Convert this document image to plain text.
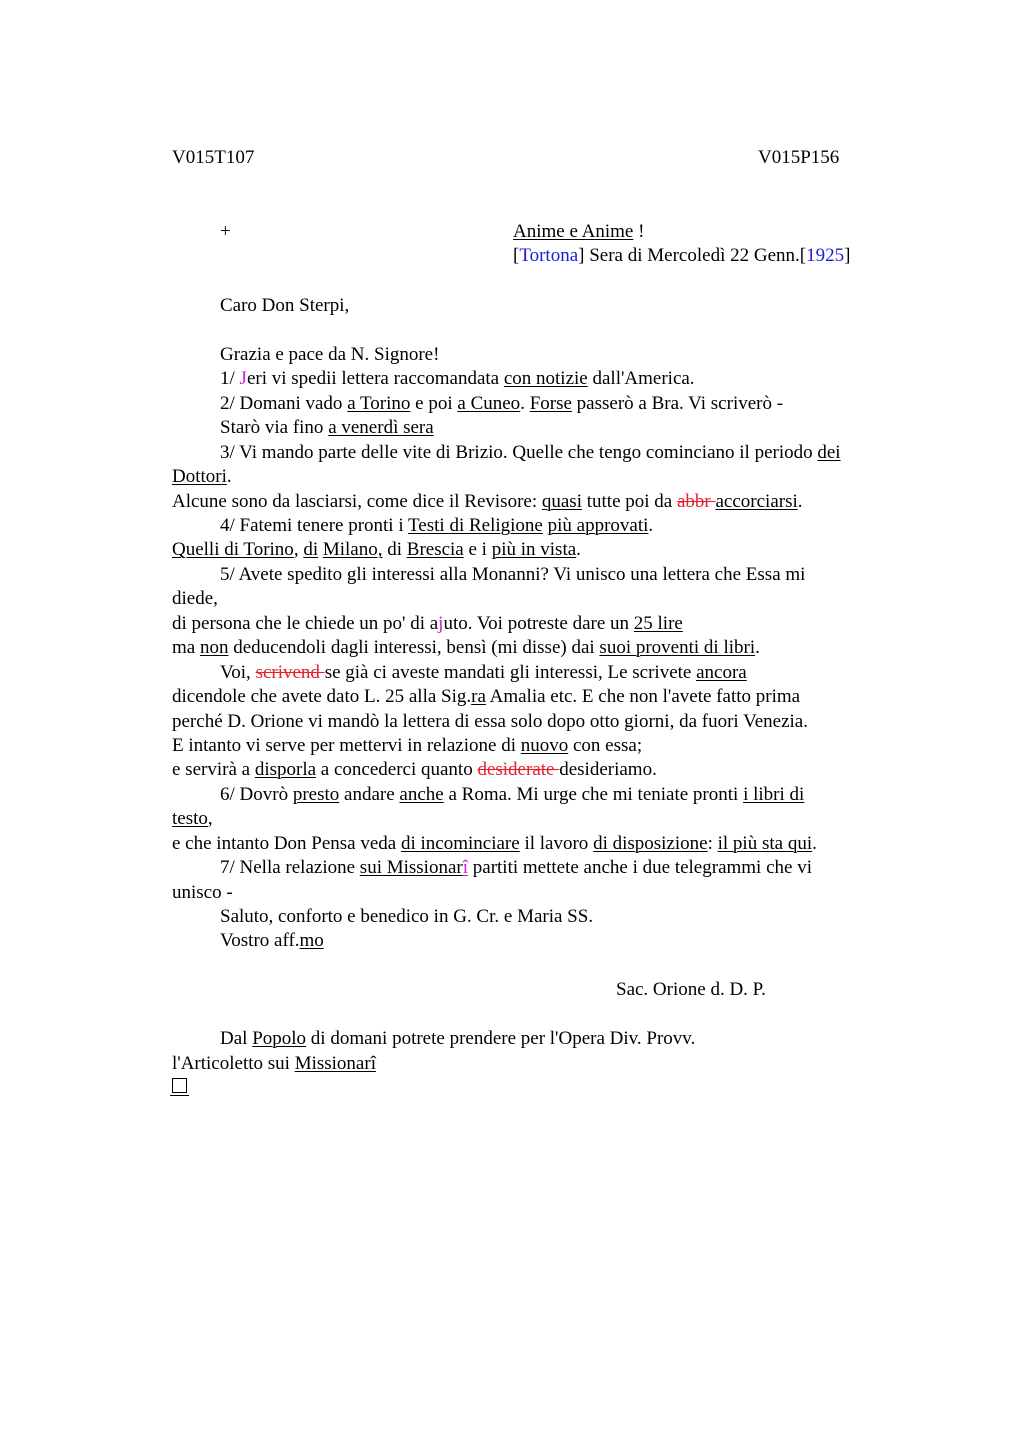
V015T107	V015P156
+	Anime e Anime !
[Tortona] Sera di Mercoledì 22 Genn.[1925]
Caro Don Sterpi,
Grazia e pace da N. Signore!
1/ Jeri vi spedii lettera raccomandata con notizie dall'America.
2/ Domani vado a Torino e poi a Cuneo. Forse passerò a Bra. Vi scriverò -
Starò via fino a venerdì sera
3/ Vi mando parte delle vite di Brizio. Quelle che tengo cominciano il periodo dei
Dottori.
Alcune sono da lasciarsi, come dice il Revisore: quasi tutte poi da abbr accorciarsi.
4/ Fatemi tenere pronti i Testi di Religione più approvati.
Quelli di Torino, di Milano, di Brescia e i più in vista.
5/ Avete spedito gli interessi alla Monanni? Vi unisco una lettera che Essa mi
diede,
di persona che le chiede un po' di ajuto. Voi potreste dare un 25 lire
ma non deducendoli dagli interessi, bensì (mi disse) dai suoi proventi di libri.
Voi, scrivend se già ci aveste mandati gli interessi, Le scrivete ancora
dicendole che avete dato L. 25 alla Sig.ra Amalia etc. E che non l'avete fatto prima
perché D. Orione vi mandò la lettera di essa solo dopo otto giorni, da fuori Venezia.
E intanto vi serve per mettervi in relazione di nuovo con essa;
e servirà a disporla a concederci quanto desiderate desideriamo.
6/ Dovrò presto andare anche a Roma. Mi urge che mi teniate pronti i libri di
testo,
e che intanto Don Pensa veda di incominciare il lavoro di disposizione: il più sta qui.
7/ Nella relazione sui Missionarî partiti mettete anche i due telegrammi che vi
unisco -
Saluto, conforto e benedico in G. Cr. e Maria SS.
Vostro aff.mo
Sac. Orione d. D. P.
Dal Popolo di domani potrete prendere per l'Opera Div. Provv.
l'Articoletto sui Missionarî
